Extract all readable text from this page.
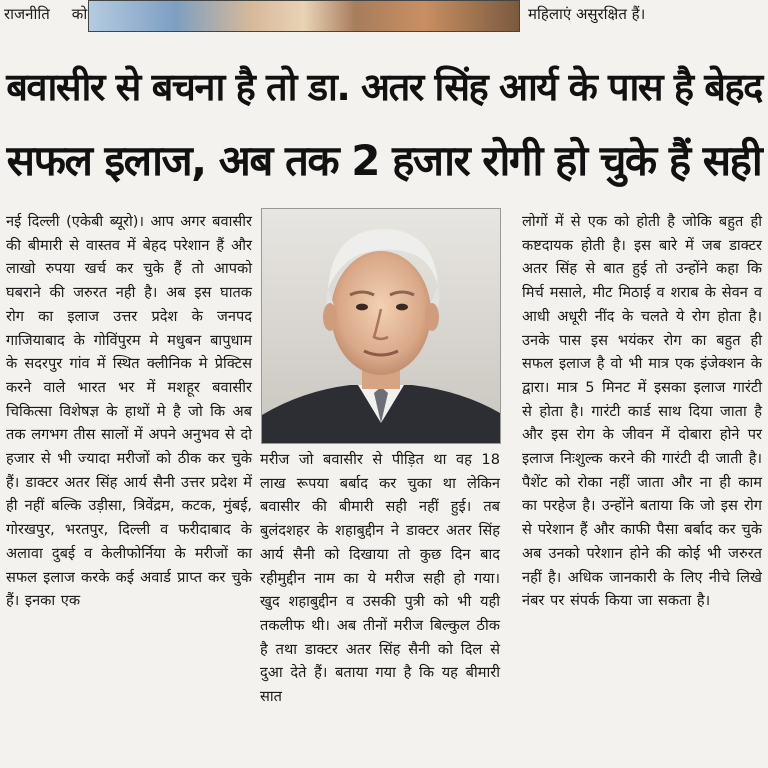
राजनीति को	महिलाएं असुरक्षित हैं।
बवासीर से बचना है तो डा. अतर सिंह आर्य के पास है बेहद
सफल इलाज, अब तक 2 हजार रोगी हो चुके हैं सही

नई दिल्ली (एकेबी ब्यूरो)। आप अगर बवासीर की बीमारी से वास्तव में बेहद परेशान हैं और लाखो रुपया खर्च कर चुके हैं तो आपको घबराने की जरुरत नही है। अब इस घातक रोग का इलाज उत्तर प्रदेश के जनपद गाजियाबाद के गोविंपुरम मे मधुबन बापुधाम के सदरपुर गांव में स्थित क्लीनिक मे प्रेक्टिस करने वाले भारत भर में मशहूर बवासीर चिकित्सा विशेषज्ञ के हाथों मे है जो कि अब तक लगभग तीस सालों में अपने अनुभव से दो हजार से भी ज्यादा मरीजों को ठीक कर चुके हैं। डाक्टर अतर सिंह आर्य सैनी उत्तर प्रदेश में ही नहीं बल्कि उड़ीसा, त्रिवेंद्रम, कटक, मुंबई, गोरखपुर, भरतपुर, दिल्ली व फरीदाबाद के अलावा दुबई व केलीफोर्निया के मरीजों का सफल इलाज करके कई अवार्ड प्राप्त कर चुके हैं। इनका एक

मरीज जो बवासीर से पीड़ित था वह 18 लाख रूपया बर्बाद कर चुका था लेकिन बवासीर की बीमारी सही नहीं हुई। तब बुलंदशहर के शहाबुद्दीन ने डाक्टर अतर सिंह आर्य सैनी को दिखाया तो कुछ दिन बाद रहीमुद्दीन नाम का ये मरीज सही हो गया। खुद शहाबुद्दीन व उसकी पुत्री को भी यही तकलीफ थी। अब तीनों मरीज बिल्कुल ठीक है तथा डाक्टर अतर सिंह सैनी को दिल से दुआ देते हैं। बताया गया है कि यह बीमारी सात

लोगों में से एक को होती है जोकि बहुत ही कष्टदायक होती है। इस बारे में जब डाक्टर अतर सिंह से बात हुई तो उन्होंने कहा कि मिर्च मसाले, मीट मिठाई व शराब के सेवन व आधी अधूरी नींद के चलते ये रोग होता है। उनके पास इस भयंकर रोग का बहुत ही सफल इलाज है वो भी मात्र एक इंजेक्शन के द्वारा। मात्र 5 मिनट में इसका इलाज गारंटी से होता है। गारंटी कार्ड साथ दिया जाता है और इस रोग के जीवन में दोबारा होने पर इलाज निःशुल्क करने की गारंटी दी जाती है। पैशेंट को रोका नहीं जाता और ना ही काम का परहेज है। उन्होंने बताया कि जो इस रोग से परेशान हैं और काफी पैसा बर्बाद कर चुके अब उनको परेशान होने की कोई भी जरुरत नहीं है। अधिक जानकारी के लिए नीचे लिखे नंबर पर संपर्क किया जा सकता है।
